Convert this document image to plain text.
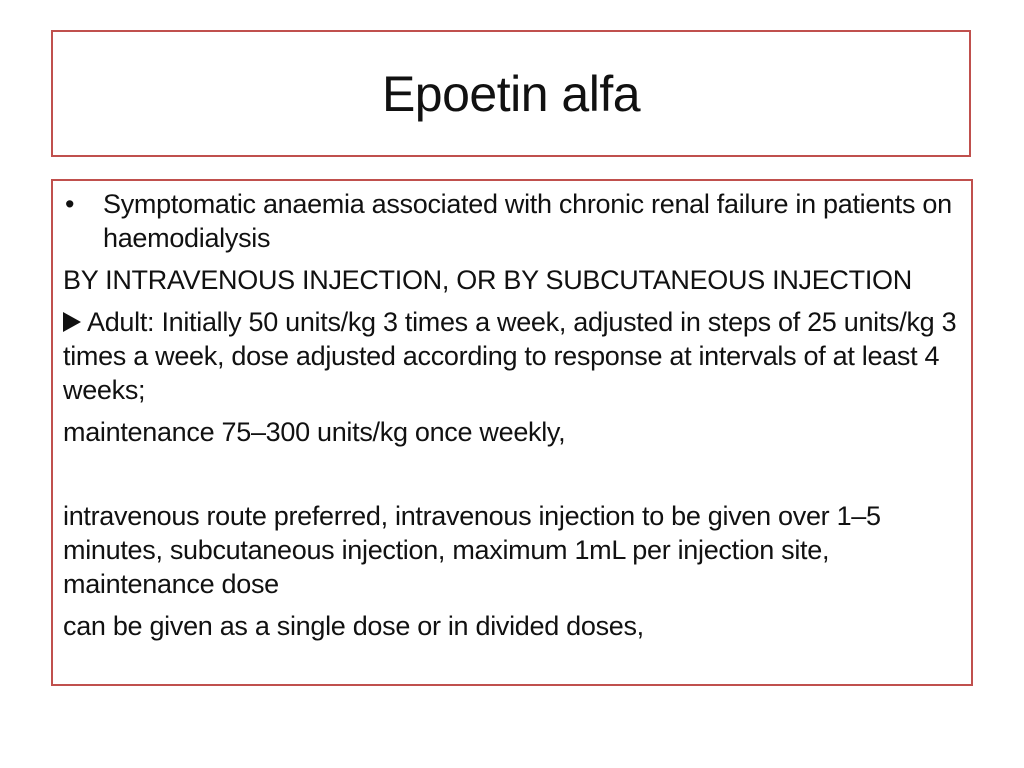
Epoetin alfa
•	Symptomatic anaemia associated with chronic renal failure in patients on haemodialysis

BY INTRAVENOUS INJECTION, OR BY SUBCUTANEOUS INJECTION

Adult: Initially 50 units/kg 3 times a week, adjusted in steps of 25 units/kg 3 times a week, dose adjusted according to response at intervals of at least 4 weeks;

maintenance 75–300 units/kg once weekly,

intravenous route preferred, intravenous injection to be given over 1–5 minutes, subcutaneous injection, maximum 1mL per injection site, maintenance dose

can be given as a single dose or in divided doses,
